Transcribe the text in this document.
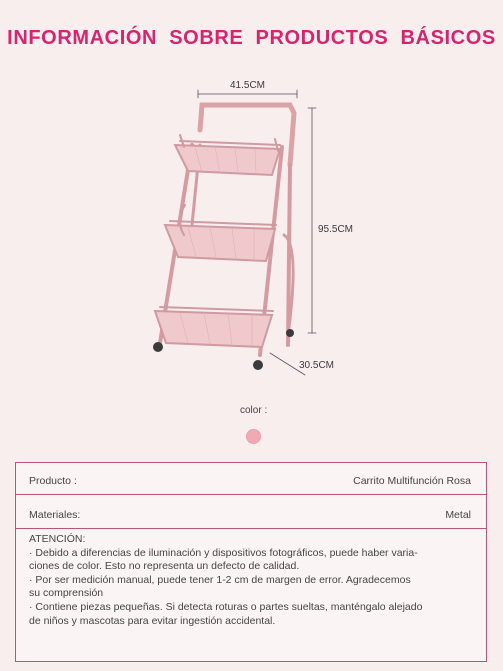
INFORMACIÓN SOBRE PRODUCTOS BÁSICOS
41.5CM
95.5CM
30.5CM
color :
Producto :	Carrito Multifunción Rosa
Materiales:	Metal
ATENCIÓN:
· Debido a diferencias de iluminación y dispositivos fotográficos, puede haber varia-
ciones de color. Esto no representa un defecto de calidad.
· Por ser medición manual, puede tener 1-2 cm de margen de error. Agradecemos
su comprensión
· Contiene piezas pequeñas. Si detecta roturas o partes sueltas, manténgalo alejado
de niños y mascotas para evitar ingestión accidental.
